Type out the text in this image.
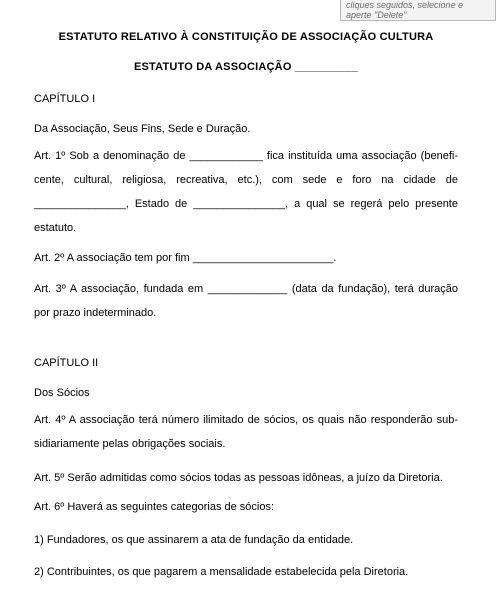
cliques seguidos, selecione e
aperte "Delete"
ESTATUTO RELATIVO À CONSTITUIÇÃO DE ASSOCIAÇÃO CULTURA
ESTATUTO DA ASSOCIAÇÃO __________

CAPÍTULO I

Da Associação, Seus Fins, Sede e Duração.

Art. 1º Sob a denominação de ____________ fica instituída uma associação (beneficente, cultural, religiosa, recreativa, etc.), com sede e foro na cidade de _______________, Estado de _______________, a qual se regerá pelo presente estatuto.

Art. 2º A associação tem por fim _______________________.

Art. 3º A associação, fundada em _____________ (data da fundação), terá duração por prazo indeterminado.

CAPÍTULO II

Dos Sócios

Art. 4º A associação terá número ilimitado de sócios, os quais não responderão subsidiariamente pelas obrigações sociais.

Art. 5º Serão admitidas como sócios todas as pessoas idôneas, a juízo da Diretoria.

Art. 6º Haverá as seguintes categorias de sócios:

1) Fundadores, os que assinarem a ata de fundação da entidade.

2) Contribuintes, os que pagarem a mensalidade estabelecida pela Diretoria.
